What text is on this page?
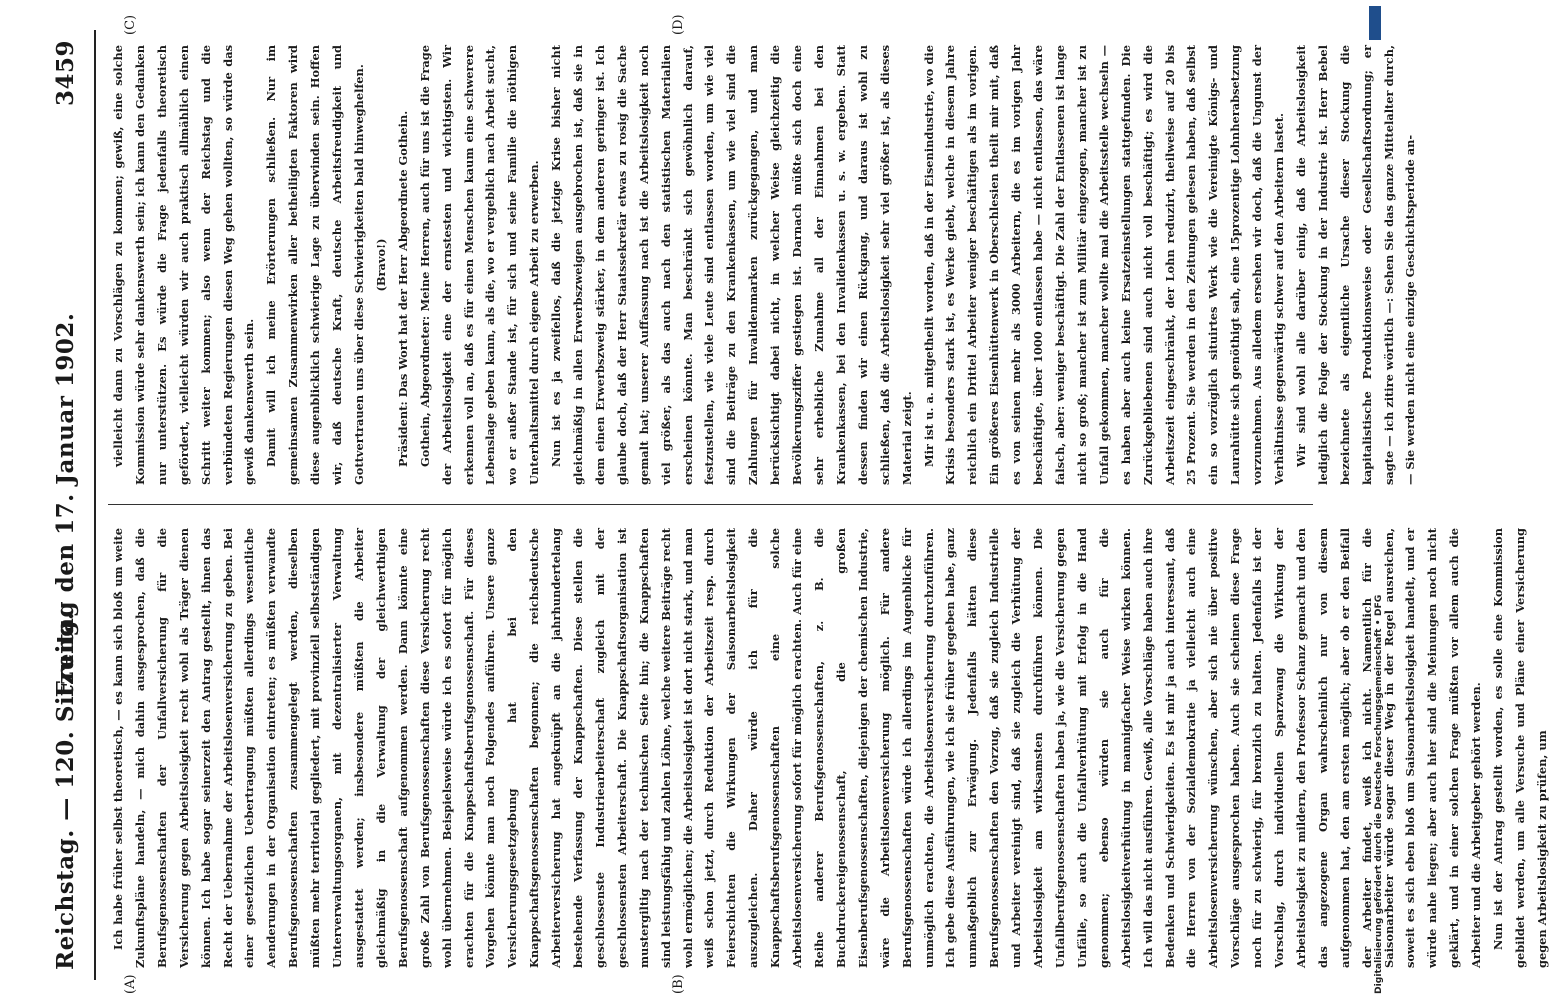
Reichstag. — 120. Sitzung.
Freitag den 17. Januar 1902.
3459
(A)	(B)
(C)	(D)

Ich habe früher selbst theoretisch, — es kann sich bloß um weite Zukunftspläne handeln, — mich dahin ausgesprochen, daß die Berufsgenossenschaften der Unfallversicherung für die Versicherung gegen Arbeitslosigkeit recht wohl als Träger dienen können. Ich habe sogar seinerzeit den Antrag gestellt, ihnen das Recht der Uebernahme der Arbeitslosenversicherung zu geben. Bei einer gesetzlichen Uebertragung müßten allerdings wesentliche Aenderungen in der Organisation eintreten; es müßten verwandte Berufsgenossenschaften zusammengelegt werden, dieselben müßten mehr territorial gegliedert, mit provinziell selbstständigen Unterverwaltungsorganen, mit dezentralisierter Verwaltung ausgestattet werden; insbesondere müßten die Arbeiter gleichmäßig in die Verwaltung der gleichwerthigen Berufsgenossenschaft aufgenommen werden. Dann könnte eine große Zahl von Berufsgenossenschaften diese Versicherung recht wohl übernehmen. Beispielsweise würde ich es sofort für möglich erachten für die Knappschaftsberufsgenossenschaft. Für dieses Vorgehen könnte man noch Folgendes anführen. Unsere ganze Versicherungsgesetzgebung hat bei den Knappschaftsgenossenschaften begonnen; die reichsdeutsche Arbeiterversicherung hat angeknüpft an die jahrhundertelang bestehende Verfassung der Knappschaften. Diese stellen die geschlossenste Industriearbeiterschaft zugleich mit der geschlossensten Arbeiterschaft. Die Knappschaftsorganisation ist mustergiltig nach der technischen Seite hin; die Knappschaften sind leistungsfähig und zahlen Löhne, welche weitere Beiträge recht wohl ermöglichen; die Arbeitslosigkeit ist dort nicht stark, und man weiß schon jetzt, durch Reduktion der Arbeitszeit resp. durch Feierschichten die Wirkungen der Saisonarbeitslosigkeit auszugleichen. Daher würde ich für die Knappschaftsberufsgenossenschaften eine solche Arbeitslosenversicherung sofort für möglich erachten. Auch für eine Reihe anderer Berufsgenossenschaften, z. B. die Buchdruckereigenossenschaft, die großen Eisenberufsgenossenschaften, diejenigen der chemischen Industrie, wäre die Arbeitslosenversicherung möglich. Für andere Berufsgenossenschaften würde ich allerdings im Augenblicke für unmöglich erachten, die Arbeitslosenversicherung durchzuführen. Ich gebe diese Ausführungen, wie ich sie früher gegeben habe, ganz unmaßgeblich zur Erwägung. Jedenfalls hätten diese Berufsgenossenschaften den Vorzug, daß sie zugleich Industrielle und Arbeiter vereinigt sind, daß sie zugleich die Verhütung der Arbeitslosigkeit am wirksamsten durchführen können. Die Unfallberufsgenossenschaften haben ja, wie die Versicherung gegen Unfälle, so auch die Unfallverhütung mit Erfolg in die Hand genommen; ebenso würden sie auch für die Arbeitslosigkeitverhütung in mannigfacher Weise wirken können. Ich will das nicht ausführen. Gewiß, alle Vorschläge haben auch ihre Bedenken und Schwierigkeiten. Es ist mir ja auch interessant, daß die Herren von der Sozialdemokratie ja vielleicht auch eine Arbeitslosenversicherung wünschen, aber sich nie über positive Vorschläge ausgesprochen haben. Auch sie scheinen diese Frage noch für zu schwierig, für brenzlich zu halten. Jedenfalls ist der Vorschlag, durch individuellen Sparzwang die Wirkung der Arbeitslosigkeit zu mildern, den Professor Schanz gemacht und den das angezogene Organ wahrscheinlich nur von diesem aufgenommen hat, den am ersten möglich; aber ob er den Beifall der Arbeiter findet, weiß ich nicht. Namentlich für die Saisonarbeiter würde sogar dieser Weg in der Regel ausreichen, soweit es sich eben bloß um Saisonarbeitslosigkeit handelt, und er würde nahe liegen; aber auch hier sind die Meinungen noch nicht geklärt, und in einer solchen Frage müßten vor allem auch die Arbeiter und die Arbeitgeber gehört werden. Nun ist der Antrag gestellt worden, es solle eine Kommission gebildet werden, um alle Versuche und Pläne einer Versicherung gegen Arbeitslosigkeit zu prüfen, um

vielleicht dann zu Vorschlägen zu kommen; gewiß, eine solche Kommission würde sehr dankenswerth sein; ich kann den Gedanken nur unterstützen. Es würde die Frage jedenfalls theoretisch gefördert, vielleicht würden wir auch praktisch allmählich einen Schritt weiter kommen; also wenn der Reichstag und die verbündeten Regierungen diesen Weg gehen wollten, so würde das gewiß dankenswerth sein. Damit will ich meine Erörterungen schließen. Nur im gemeinsamen Zusammenwirken aller betheiligten Faktoren wird diese augenblicklich schwierige Lage zu überwinden sein. Hoffen wir, daß deutsche Kraft, deutsche Arbeitsfreudigkeit und Gottvertrauen uns über diese Schwierigkeiten bald hinweghelfen. (Bravo!) Präsident: Das Wort hat der Herr Abgeordnete Gothein. Gothein, Abgeordneter: Meine Herren, auch für uns ist die Frage der Arbeitslosigkeit eine der ernstesten und wichtigsten. Wir erkennen voll an, daß es für einen Menschen kaum eine schwerere Lebenslage geben kann, als die, wo er vergeblich nach Arbeit sucht, wo er außer Stande ist, für sich und seine Familie die nöthigen Unterhaltsmittel durch eigene Arbeit zu erwerben. Nun ist es ja zweifellos, daß die jetzige Krise bisher nicht gleichmäßig in allen Erwerbszweigen ausgebrochen ist, daß sie in dem einen Erwerbszweig stärker, in dem anderen geringer ist. Ich glaube doch, daß der Herr Staatssekretär etwas zu rosig die Sache gemalt hat; unserer Auffassung nach ist die Arbeitslosigkeit noch viel größer, als das auch nach den statistischen Materialien erscheinen könnte. Man beschränkt sich gewöhnlich darauf, festzustellen, wie viele Leute sind entlassen worden, um wie viel sind die Beiträge zu den Krankenkassen, um wie viel sind die Zahlungen für Invalidenmarken zurückgegangen, und man berücksichtigt dabei nicht, in welcher Weise gleichzeitig die Bevölkerungsziffer gestiegen ist. Darnach müßte sich doch eine sehr erhebliche Zunahme all der Einnahmen bei den Krankenkassen, bei den Invalidenkassen u. s. w. ergeben. Statt dessen finden wir einen Rückgang, und daraus ist wohl zu schließen, daß die Arbeitslosigkeit sehr viel größer ist, als dieses Material zeigt. Mir ist u. a. mitgetheilt worden, daß in der Eisenindustrie, wo die Krisis besonders stark ist, es Werke giebt, welche in diesem Jahre reichlich ein Drittel Arbeiter weniger beschäftigen als im vorigen. Ein größeres Eisenhüttenwerk in Oberschlesien theilt mir mit, daß es von seinen mehr als 3000 Arbeitern, die es im vorigen Jahr beschäftigte, über 1000 entlassen habe — nicht entlassen, das wäre falsch, aber: weniger beschäftigt. Die Zahl der Entlassenen ist lange nicht so groß; mancher ist zum Militär eingezogen, mancher ist zu Unfall gekommen, mancher wollte mal die Arbeitsstelle wechseln — es haben aber auch keine Ersatzeinstellungen stattgefunden. Die Zurückgebliebenen sind auch nicht voll beschäftigt; es wird die Arbeitszeit eingeschränkt, der Lohn reduzirt, theilweise auf 20 bis 25 Prozent. Sie werden in den Zeitungen gelesen haben, daß selbst ein so vorzüglich situirtes Werk wie die Vereinigte Königs- und Laurahütte sich genöthigt sah, eine 15prozentige Lohnherabsetzung vorzunehmen. Aus alledem ersehen wir doch, daß die Ungunst der Verhältnisse gegenwärtig schwer auf den Arbeitern lastet. Wir sind wohl alle darüber einig, daß die Arbeitslosigkeit lediglich die Folge der Stockung in der Industrie ist. Herr Bebel bezeichnete als eigentliche Ursache dieser Stockung die kapitalistische Produktionsweise oder Gesellschaftsordnung; er sagte — ich zitire wörtlich —: Sehen Sie das ganze Mittelalter durch, — Sie werden nicht eine einzige Geschichtsperiode an-

Digitalisierung gefördert durch die Deutsche Forschungsgemeinschaft • DFG
DFG
